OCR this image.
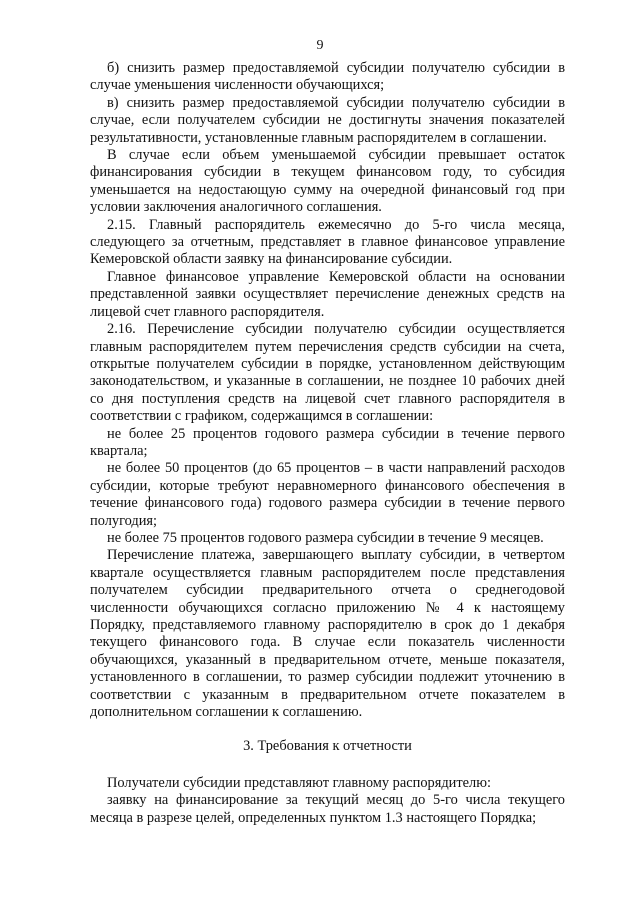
9

б) снизить размер предоставляемой субсидии получателю субсидии в случае уменьшения численности обучающихся;

в) снизить размер предоставляемой субсидии получателю субсидии в случае, если получателем субсидии не достигнуты значения показателей результативности, установленные главным распорядителем в соглашении.

В случае если объем уменьшаемой субсидии превышает остаток финансирования субсидии в текущем финансовом году, то субсидия уменьшается на недостающую сумму на очередной финансовый год при условии заключения аналогичного соглашения.

2.15. Главный распорядитель ежемесячно до 5-го числа месяца, следующего за отчетным, представляет в главное финансовое управление Кемеровской области заявку на финансирование субсидии.

Главное финансовое управление Кемеровской области на основании представленной заявки осуществляет перечисление денежных средств на лицевой счет главного распорядителя.

2.16. Перечисление субсидии получателю субсидии осуществляется главным распорядителем путем перечисления средств субсидии на счета, открытые получателем субсидии в порядке, установленном действующим законодательством, и указанные в соглашении, не позднее 10 рабочих дней со дня поступления средств на лицевой счет главного распорядителя в соответствии с графиком, содержащимся в соглашении:

не более 25 процентов годового размера субсидии в течение первого квартала;

не более 50 процентов (до 65 процентов – в части направлений расходов субсидии, которые требуют неравномерного финансового обеспечения в течение финансового года) годового размера субсидии в течение первого полугодия;

не более 75 процентов годового размера субсидии в течение 9 месяцев.

Перечисление платежа, завершающего выплату субсидии, в четвертом квартале осуществляется главным распорядителем после представления получателем субсидии предварительного отчета о среднегодовой численности обучающихся согласно приложению № 4 к настоящему Порядку, представляемого главному распорядителю в срок до 1 декабря текущего финансового года. В случае если показатель численности обучающихся, указанный в предварительном отчете, меньше показателя, установленного в соглашении, то размер субсидии подлежит уточнению в соответствии с указанным в предварительном отчете показателем в дополнительном соглашении к соглашению.

3. Требования к отчетности

Получатели субсидии представляют главному распорядителю:

заявку на финансирование за текущий месяц до 5-го числа текущего месяца в разрезе целей, определенных пунктом 1.3 настоящего Порядка;
